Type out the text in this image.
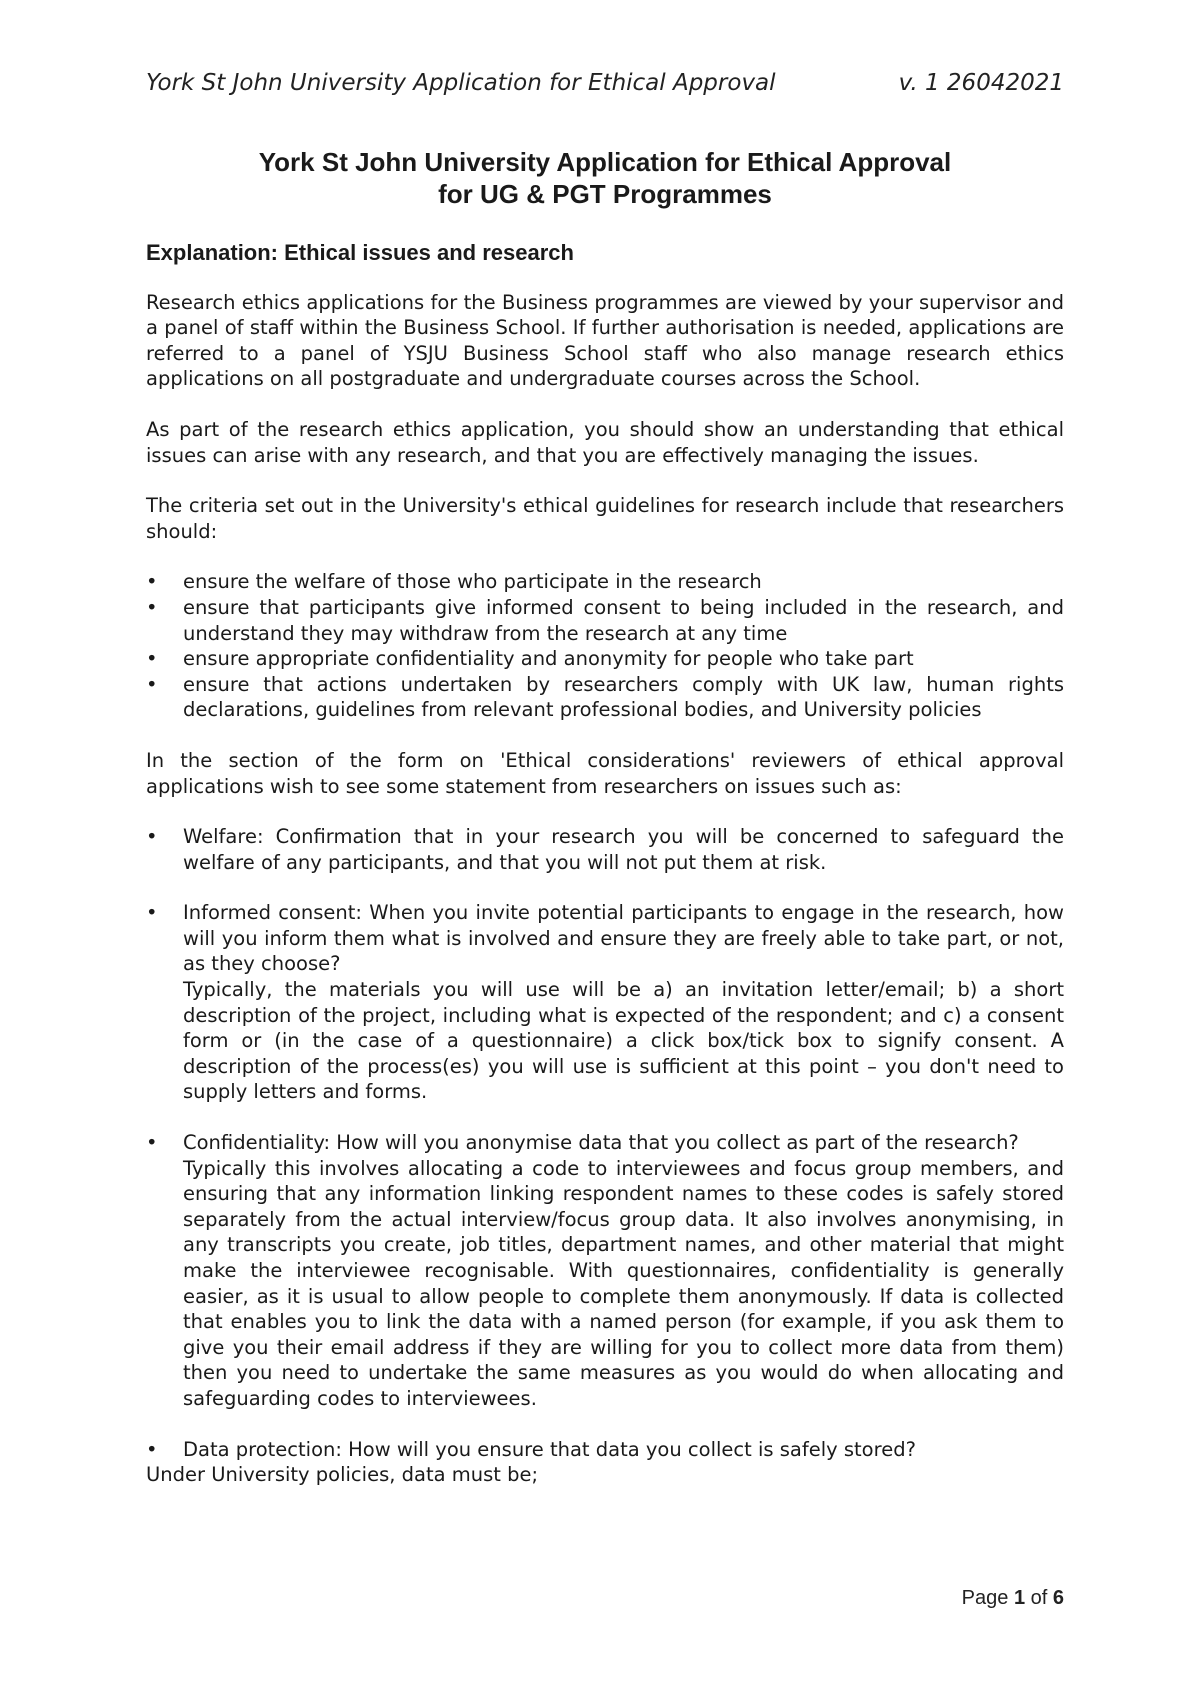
York St John University Application for Ethical Approval	v. 1 26042021
York St John University Application for Ethical Approval
for UG & PGT Programmes
Explanation: Ethical issues and research

Research ethics applications for the Business programmes are viewed by your supervisor and a panel of staff within the Business School. If further authorisation is needed, applications are referred to a panel of YSJU Business School staff who also manage research ethics applications on all postgraduate and undergraduate courses across the School.

As part of the research ethics application, you should show an understanding that ethical issues can arise with any research, and that you are effectively managing the issues.

The criteria set out in the University's ethical guidelines for research include that researchers should:

•	ensure the welfare of those who participate in the research
•	ensure that participants give informed consent to being included in the research, and understand they may withdraw from the research at any time
•	ensure appropriate confidentiality and anonymity for people who take part
•	ensure that actions undertaken by researchers comply with UK law, human rights declarations, guidelines from relevant professional bodies, and University policies

In the section of the form on 'Ethical considerations' reviewers of ethical approval applications wish to see some statement from researchers on issues such as:

•	Welfare: Confirmation that in your research you will be concerned to safeguard the welfare of any participants, and that you will not put them at risk.
•	Informed consent: When you invite potential participants to engage in the research, how will you inform them what is involved and ensure they are freely able to take part, or not, as they choose?
Typically, the materials you will use will be a) an invitation letter/email; b) a short description of the project, including what is expected of the respondent; and c) a consent form or (in the case of a questionnaire) a click box/tick box to signify consent. A description of the process(es) you will use is sufficient at this point – you don't need to supply letters and forms.
•	Confidentiality: How will you anonymise data that you collect as part of the research?
Typically this involves allocating a code to interviewees and focus group members, and ensuring that any information linking respondent names to these codes is safely stored separately from the actual interview/focus group data. It also involves anonymising, in any transcripts you create, job titles, department names, and other material that might make the interviewee recognisable. With questionnaires, confidentiality is generally easier, as it is usual to allow people to complete them anonymously. If data is collected that enables you to link the data with a named person (for example, if you ask them to give you their email address if they are willing for you to collect more data from them) then you need to undertake the same measures as you would do when allocating and safeguarding codes to interviewees.
•	Data protection: How will you ensure that data you collect is safely stored?
Under University policies, data must be;
Page 1 of 6
